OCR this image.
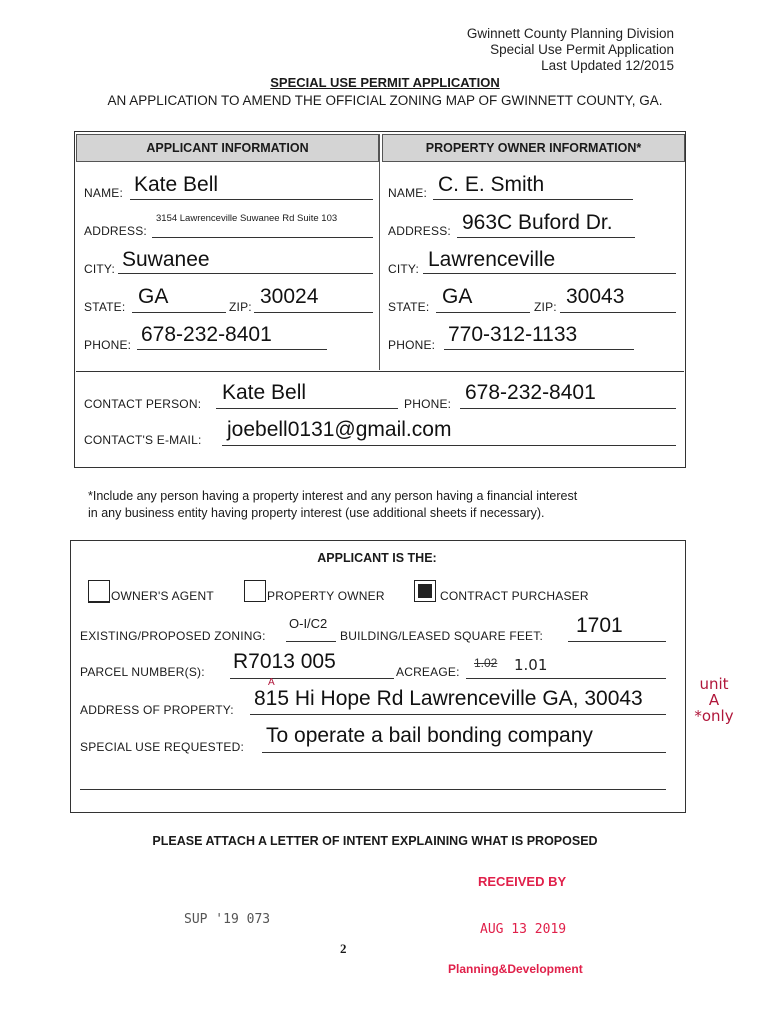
Gwinnett County Planning Division
Special Use Permit Application
Last Updated 12/2015
SPECIAL USE PERMIT APPLICATION
AN APPLICATION TO AMEND THE OFFICIAL ZONING MAP OF GWINNETT COUNTY, GA.
APPLICANT INFORMATION	PROPERTY OWNER INFORMATION*
NAME: Kate Bell
ADDRESS:
3154 Lawrenceville Suwanee Rd Suite 103
CITY: Suwanee
STATE: GA	ZIP: 30024
PHONE: 678-232-8401
NAME: C. E. Smith
ADDRESS: 963C Buford Dr.
CITY: Lawrenceville
STATE: GA	ZIP: 30043
PHONE: 770-312-1133
CONTACT PERSON: Kate Bell	PHONE: 678-232-8401
CONTACT'S E-MAIL: joebell0131@gmail.com
*Include any person having a property interest and any person having a financial interest
in any business entity having property interest (use additional sheets if necessary).
APPLICANT IS THE:
OWNER'S AGENT	PROPERTY OWNER	CONTRACT PURCHASER
EXISTING/PROPOSED ZONING:
O-I/C2
BUILDING/LEASED SQUARE FEET: 1701
PARCEL NUMBER(S): R7013 005	ACREAGE:
1.02 1.01
ADDRESS OF PROPERTY:
A
815 Hi Hope Rd Lawrenceville GA, 30043
SPECIAL USE REQUESTED: To operate a bail bonding company
unit
A
*only
PLEASE ATTACH A LETTER OF INTENT EXPLAINING WHAT IS PROPOSED
RECEIVED BY
AUG 13 2019
Planning&Development
SUP '19 073
2
